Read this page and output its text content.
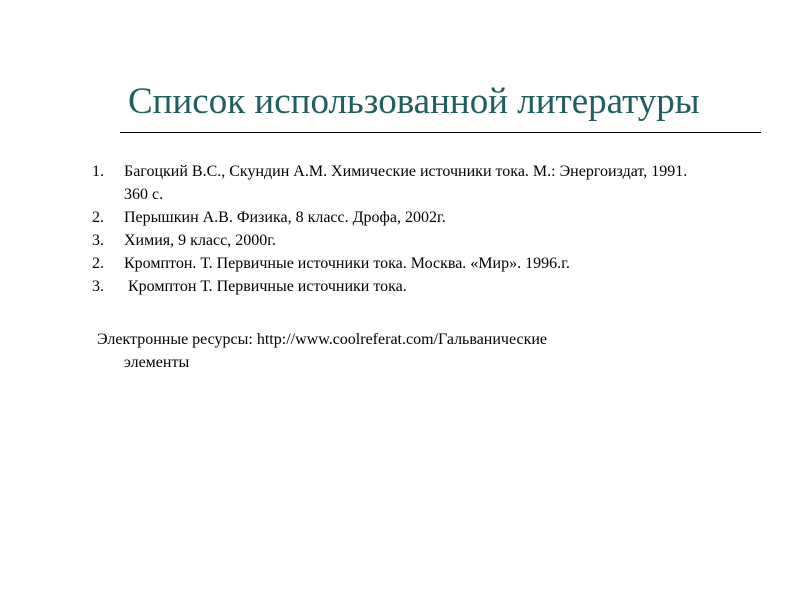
Список использованной литературы
1. Багоцкий В.С., Скундин А.М. Химические источники тока. М.: Энергоиздат, 1991. 360 с.
2. Перышкин А.В. Физика, 8 класс. Дрофа, 2002г.
3. Химия, 9 класс, 2000г.
2. Кромптон. Т. Первичные источники тока. Москва. «Мир». 1996.г.
3. Кромптон Т. Первичные источники тока.
Электронные ресурсы: http://www.coolreferat.com/Гальванические
элементы
